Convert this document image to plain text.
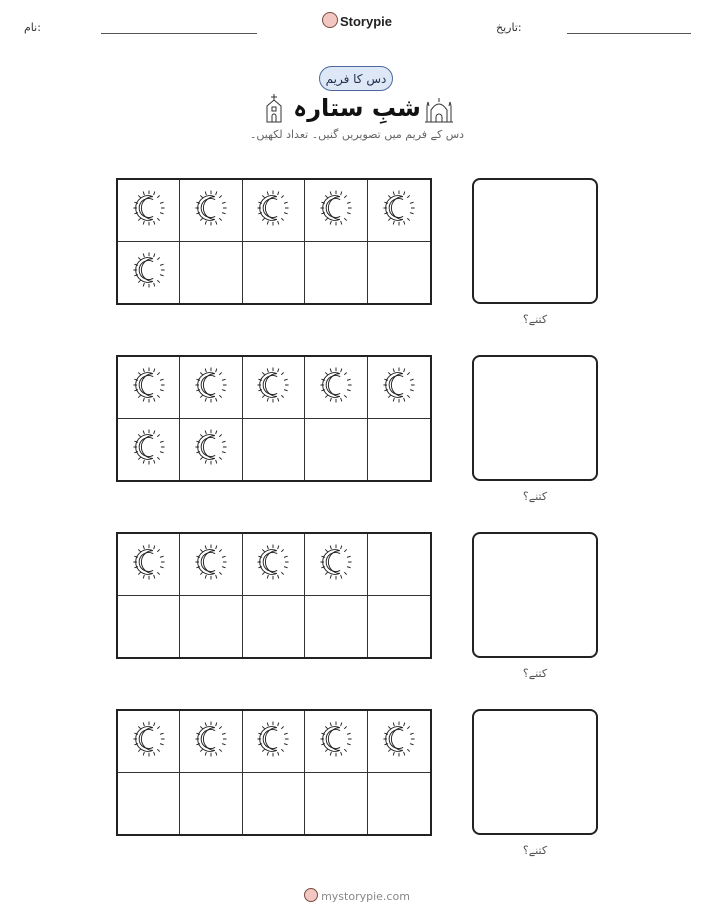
نام:	Storypie	تاریخ:
دس کا فریم
شبِ ستارہ
دس کے فریم میں تصویریں گنیں۔ تعداد لکھیں۔
کتنے؟
کتنے؟
کتنے؟
کتنے؟
mystorypie.com
